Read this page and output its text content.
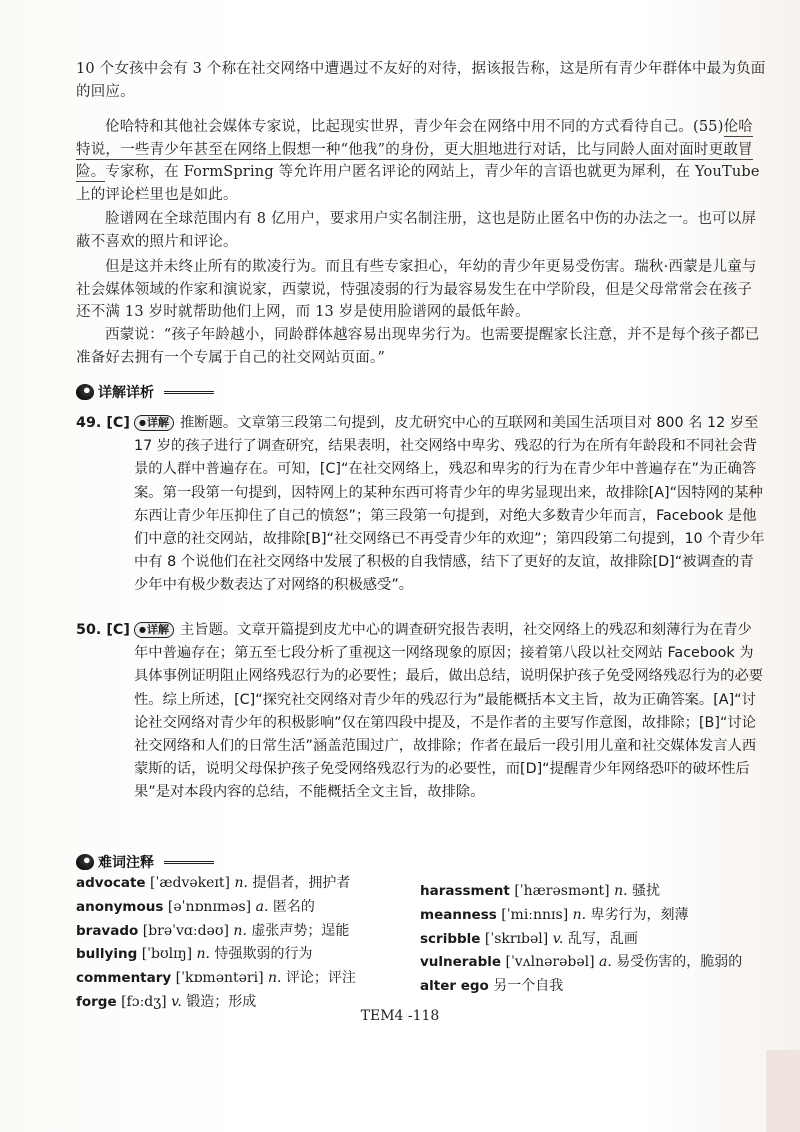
10 个女孩中会有 3 个称在社交网络中遭遇过不友好的对待，据该报告称，这是所有青少年群体中最为负面的回应。
伦哈特和其他社会媒体专家说，比起现实世界，青少年会在网络中用不同的方式看待自己。(55)伦哈特说，一些青少年甚至在网络上假想一种“他我”的身份，更大胆地进行对话，比与同龄人面对面时更敢冒险。专家称，在 FormSpring 等允许用户匿名评论的网站上，青少年的言语也就更为犀利，在 YouTube 上的评论栏里也是如此。
脸谱网在全球范围内有 8 亿用户，要求用户实名制注册，这也是防止匿名中伤的办法之一。也可以屏蔽不喜欢的照片和评论。
但是这并未终止所有的欺凌行为。而且有些专家担心，年幼的青少年更易受伤害。瑞秋·西蒙是儿童与社会媒体领域的作家和演说家，西蒙说，恃强凌弱的行为最容易发生在中学阶段，但是父母常常会在孩子还不满 13 岁时就帮助他们上网，而 13 岁是使用脸谱网的最低年龄。
西蒙说：“孩子年龄越小，同龄群体越容易出现卑劣行为。也需要提醒家长注意，并不是每个孩子都已准备好去拥有一个专属于自己的社交网站页面。”
详解详析
49. [C]	●详解 推断题。文章第三段第二句提到，皮尤研究中心的互联网和美国生活项目对 800 名 12 岁至 17 岁的孩子进行了调查研究，结果表明，社交网络中卑劣、残忍的行为在所有年龄段和不同社会背景的人群中普遍存在。可知，[C]“在社交网络上，残忍和卑劣的行为在青少年中普遍存在”为正确答案。第一段第一句提到，因特网上的某种东西可将青少年的卑劣显现出来，故排除[A]“因特网的某种东西让青少年压抑住了自己的愤怒”；第三段第一句提到，对绝大多数青少年而言，Facebook 是他们中意的社交网站，故排除[B]“社交网络已不再受青少年的欢迎”；第四段第二句提到，10 个青少年中有 8 个说他们在社交网络中发展了积极的自我情感，结下了更好的友谊，故排除[D]“被调查的青少年中有极少数表达了对网络的积极感受”。
50. [C]	●详解 主旨题。文章开篇提到皮尤中心的调查研究报告表明，社交网络上的残忍和刻薄行为在青少年中普遍存在；第五至七段分析了重视这一网络现象的原因；接着第八段以社交网站 Facebook 为具体事例证明阻止网络残忍行为的必要性；最后，做出总结，说明保护孩子免受网络残忍行为的必要性。综上所述，[C]“探究社交网络对青少年的残忍行为”最能概括本文主旨，故为正确答案。[A]“讨论社交网络对青少年的积极影响”仅在第四段中提及，不是作者的主要写作意图，故排除；[B]“讨论社交网络和人们的日常生活”涵盖范围过广，故排除；作者在最后一段引用儿童和社交媒体发言人西蒙斯的话，说明父母保护孩子免受网络残忍行为的必要性，而[D]“提醒青少年网络恐吓的破坏性后果”是对本段内容的总结，不能概括全文主旨，故排除。
难词注释
advocate [ˈædvəkeɪt] n. 提倡者，拥护者
anonymous [əˈnɒnɪməs] a. 匿名的
bravado [brəˈvɑːdəʊ] n. 虚张声势；逞能
bullying [ˈbʊlɪŋ] n. 恃强欺弱的行为
commentary [ˈkɒməntəri] n. 评论；评注
forge [fɔːdʒ] v. 锻造；形成
harassment [ˈhærəsmənt] n. 骚扰
meanness [ˈmiːnnɪs] n. 卑劣行为，刻薄
scribble [ˈskrɪbəl] v. 乱写，乱画
vulnerable [ˈvʌlnərəbəl] a. 易受伤害的，脆弱的
alter ego 另一个自我
TEM4 -118
